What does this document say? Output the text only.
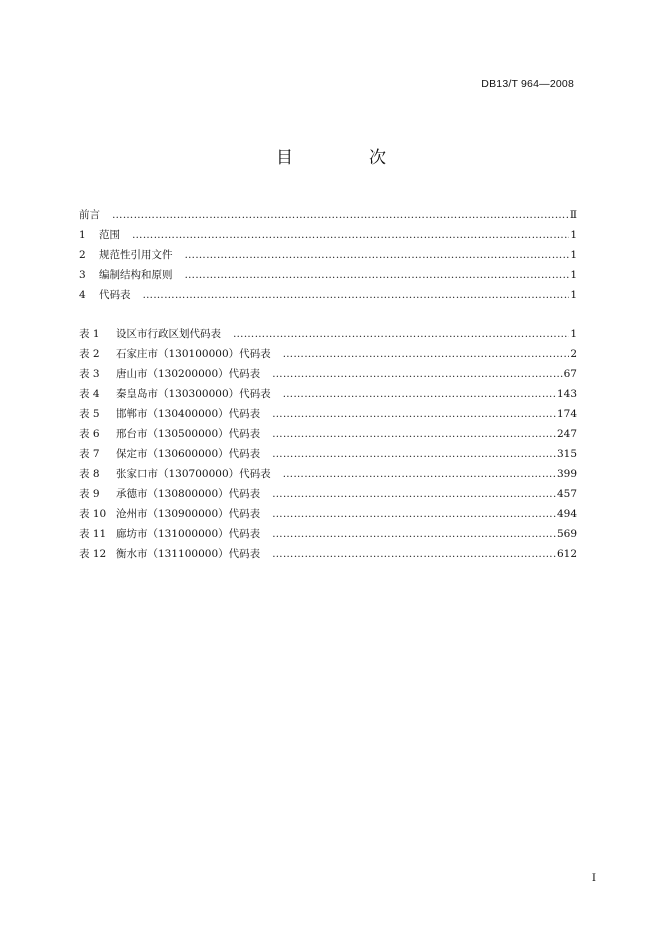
DB13/T 964—2008
目	次
前言 ……………………………………………………………………………………………………………………………………………………………………………………	Ⅱ
1	范围 ……………………………………………………………………………………………………………………………………………………………………………………	1
2	规范性引用文件 ……………………………………………………………………………………………………………………………………………………………………………………	1
3	编制结构和原则 ……………………………………………………………………………………………………………………………………………………………………………………	1
4	代码表 ……………………………………………………………………………………………………………………………………………………………………………………	1
表 1	设区市行政区划代码表 ……………………………………………………………………………………………………………………………………………………………………………………	1
表 2	石家庄市（130100000）代码表 ……………………………………………………………………………………………………………………………………………………………………………………	2
表 3	唐山市（130200000）代码表 ……………………………………………………………………………………………………………………………………………………………………………………	67
表 4	秦皇岛市（130300000）代码表 ……………………………………………………………………………………………………………………………………………………………………………………	143
表 5	邯郸市（130400000）代码表 ……………………………………………………………………………………………………………………………………………………………………………………	174
表 6	邢台市（130500000）代码表 ……………………………………………………………………………………………………………………………………………………………………………………	247
表 7	保定市（130600000）代码表 ……………………………………………………………………………………………………………………………………………………………………………………	315
表 8	张家口市（130700000）代码表 ……………………………………………………………………………………………………………………………………………………………………………………	399
表 9	承德市（130800000）代码表 ……………………………………………………………………………………………………………………………………………………………………………………	457
表 10 沧州市（130900000）代码表 ……………………………………………………………………………………………………………………………………………………………………………………	494
表 11 廊坊市（131000000）代码表 ……………………………………………………………………………………………………………………………………………………………………………………	569
表 12 衡水市（131100000）代码表 ……………………………………………………………………………………………………………………………………………………………………………………	612
I
